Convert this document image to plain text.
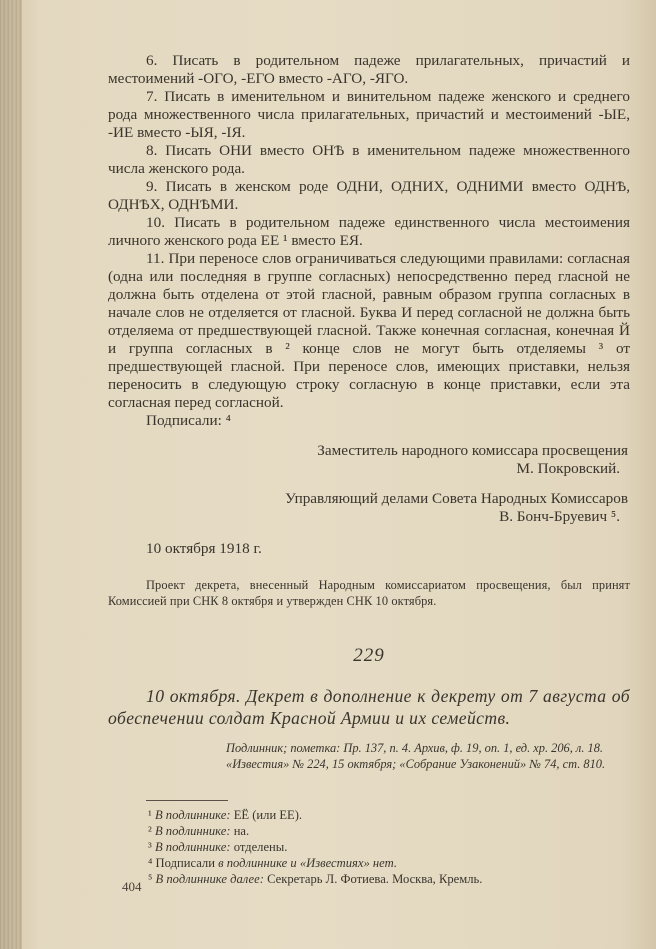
6. Писать в родительном падеже прилагательных, причастий и местоимений -ОГО, -ЕГО вместо -АГО, -ЯГО.

7. Писать в именительном и винительном падеже женского и среднего рода множественного числа прилагательных, причастий и местоимений -ЫЕ, -ИЕ вместо -ЫЯ, -IЯ.

8. Писать ОНИ вместо ОНѢ в именительном падеже множественного числа женского рода.

9. Писать в женском роде ОДНИ, ОДНИХ, ОДНИМИ вместо ОДНѢ, ОДНѢХ, ОДНѢМИ.

10. Писать в родительном падеже единственного числа местоимения личного женского рода ЕЕ ¹ вместо ЕЯ.

11. При переносе слов ограничиваться следующими правилами: согласная (одна или последняя в группе согласных) непосредственно перед гласной не должна быть отделена от этой гласной, равным образом группа согласных в начале слов не отделяется от гласной. Буква И перед согласной не должна быть отделяема от предшествующей гласной. Также конечная согласная, конечная Й и группа согласных в ² конце слов не могут быть отделяемы ³ от предшествующей гласной. При переносе слов, имеющих приставки, нельзя переносить в следующую строку согласную в конце приставки, если эта согласная перед согласной.

Подписали: ⁴

Заместитель народного комиссара просвещения
М. Покровский.
Управляющий делами Совета Народных Комиссаров
В. Бонч-Бруевич ⁵.
10 октября 1918 г.
Проект декрета, внесенный Народным комиссариатом просвещения, был принят Комиссией при СНК 8 октября и утвержден СНК 10 октября.
229
10 октября. Декрет в дополнение к декрету от 7 августа об обеспечении солдат Красной Армии и их семейств.
Подлинник; пометка: Пр. 137, п. 4. Архив, ф. 19, оп. 1, ед. хр. 206, л. 18.
«Известия» № 224, 15 октября; «Собрание Узаконений» № 74, ст. 810.
¹ В подлиннике: ЕЁ (или ЕЕ).
² В подлиннике: на.
³ В подлиннике: отделены.
⁴ Подписали в подлиннике и «Известиях» нет.
⁵ В подлиннике далее: Секретарь Л. Фотиева. Москва, Кремль.
404
